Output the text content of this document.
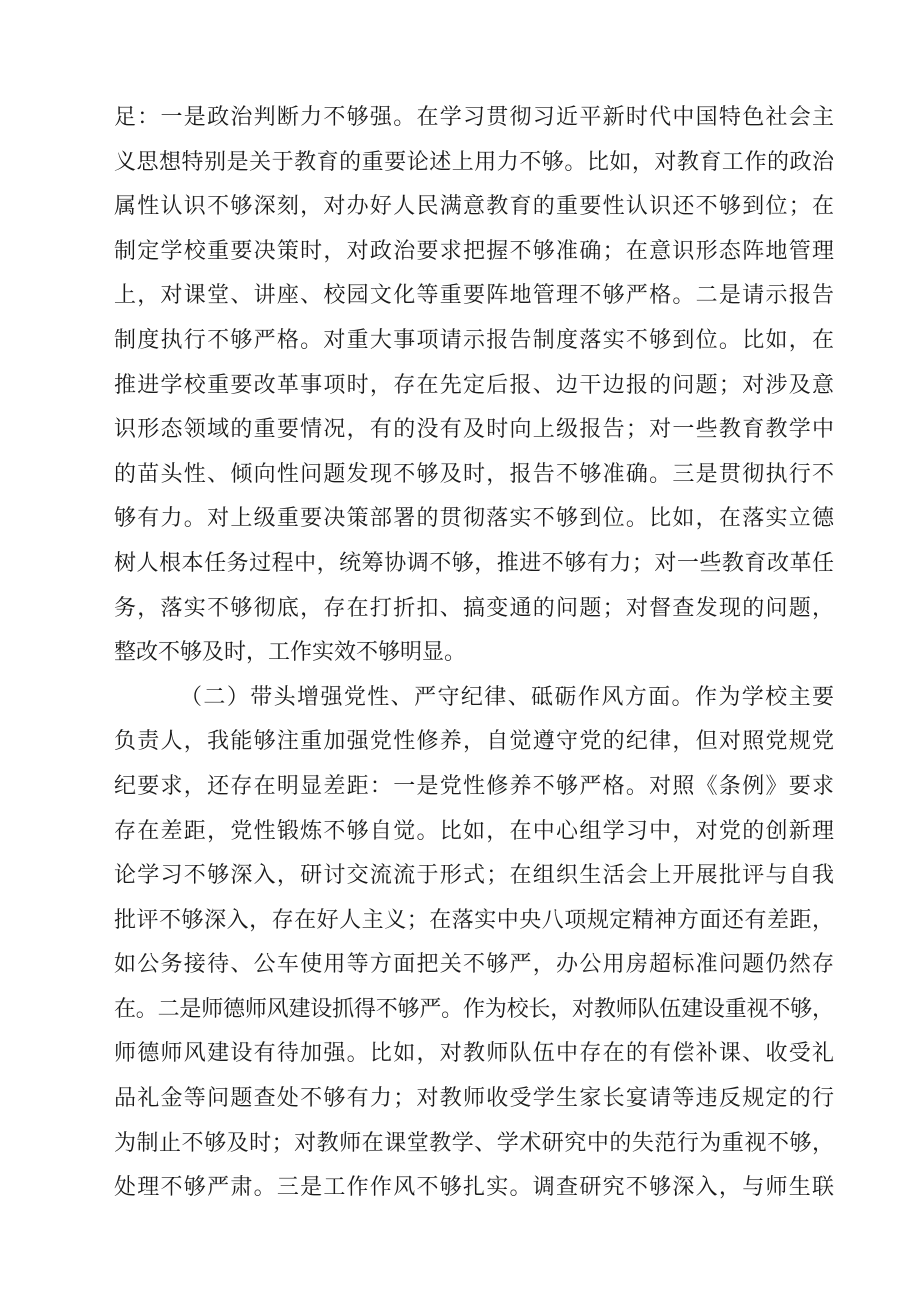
足：一是政治判断力不够强。在学习贯彻习近平新时代中国特色社会主
义思想特别是关于教育的重要论述上用力不够。比如，对教育工作的政治
属性认识不够深刻，对办好人民满意教育的重要性认识还不够到位；在
制定学校重要决策时，对政治要求把握不够准确；在意识形态阵地管理
上，对课堂、讲座、校园文化等重要阵地管理不够严格。二是请示报告
制度执行不够严格。对重大事项请示报告制度落实不够到位。比如，在
推进学校重要改革事项时，存在先定后报、边干边报的问题；对涉及意
识形态领域的重要情况，有的没有及时向上级报告；对一些教育教学中
的苗头性、倾向性问题发现不够及时，报告不够准确。三是贯彻执行不
够有力。对上级重要决策部署的贯彻落实不够到位。比如，在落实立德
树人根本任务过程中，统筹协调不够，推进不够有力；对一些教育改革任
务，落实不够彻底，存在打折扣、搞变通的问题；对督查发现的问题，
整改不够及时，工作实效不够明显。
（二）带头增强党性、严守纪律、砥砺作风方面。作为学校主要
负责人，我能够注重加强党性修养，自觉遵守党的纪律，但对照党规党
纪要求，还存在明显差距：一是党性修养不够严格。对照《条例》要求
存在差距，党性锻炼不够自觉。比如，在中心组学习中，对党的创新理
论学习不够深入，研讨交流流于形式；在组织生活会上开展批评与自我
批评不够深入，存在好人主义；在落实中央八项规定精神方面还有差距，
如公务接待、公车使用等方面把关不够严，办公用房超标准问题仍然存
在。二是师德师风建设抓得不够严。作为校长，对教师队伍建设重视不够，
师德师风建设有待加强。比如，对教师队伍中存在的有偿补课、收受礼
品礼金等问题查处不够有力；对教师收受学生家长宴请等违反规定的行
为制止不够及时；对教师在课堂教学、学术研究中的失范行为重视不够，
处理不够严肃。三是工作作风不够扎实。调查研究不够深入，与师生联
